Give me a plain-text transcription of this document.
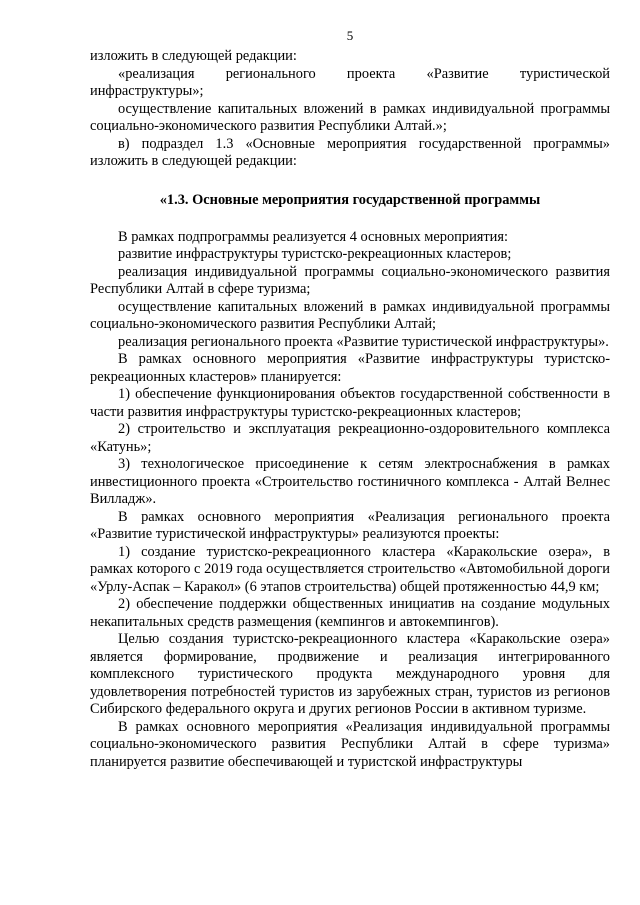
5

изложить в следующей редакции:

«реализация регионального проекта «Развитие туристической инфраструктуры»;

осуществление капитальных вложений в рамках индивидуальной программы социально-экономического развития Республики Алтай.»;

в) подраздел 1.3 «Основные мероприятия государственной программы» изложить в следующей редакции:

«1.3. Основные мероприятия государственной программы

В рамках подпрограммы реализуется 4 основных мероприятия:

развитие инфраструктуры туристско-рекреационных кластеров;

реализация индивидуальной программы социально-экономического развития Республики Алтай в сфере туризма;

осуществление капитальных вложений в рамках индивидуальной программы социально-экономического развития Республики Алтай;

реализация регионального проекта «Развитие туристической инфраструктуры».

В рамках основного мероприятия «Развитие инфраструктуры туристско-рекреационных кластеров» планируется:

1) обеспечение функционирования объектов государственной собственности в части развития инфраструктуры туристско-рекреационных кластеров;

2) строительство и эксплуатация рекреационно-оздоровительного комплекса «Катунь»;

3) технологическое присоединение к сетям электроснабжения в рамках инвестиционного проекта «Строительство гостиничного комплекса - Алтай Велнес Вилладж».

В рамках основного мероприятия «Реализация регионального проекта «Развитие туристической инфраструктуры» реализуются проекты:

1) создание туристско-рекреационного кластера «Каракольские озера», в рамках которого с 2019 года осуществляется строительство «Автомобильной дороги «Урлу-Аспак – Каракол» (6 этапов строительства) общей протяженностью 44,9 км;

2) обеспечение поддержки общественных инициатив на создание модульных некапитальных средств размещения (кемпингов и автокемпингов).

Целью создания туристско-рекреационного кластера «Каракольские озера» является формирование, продвижение и реализация интегрированного комплексного туристического продукта международного уровня для удовлетворения потребностей туристов из зарубежных стран, туристов из регионов Сибирского федерального округа и других регионов России в активном туризме.

В рамках основного мероприятия «Реализация индивидуальной программы социально-экономического развития Республики Алтай в сфере туризма» планируется развитие обеспечивающей и туристской инфраструктуры
